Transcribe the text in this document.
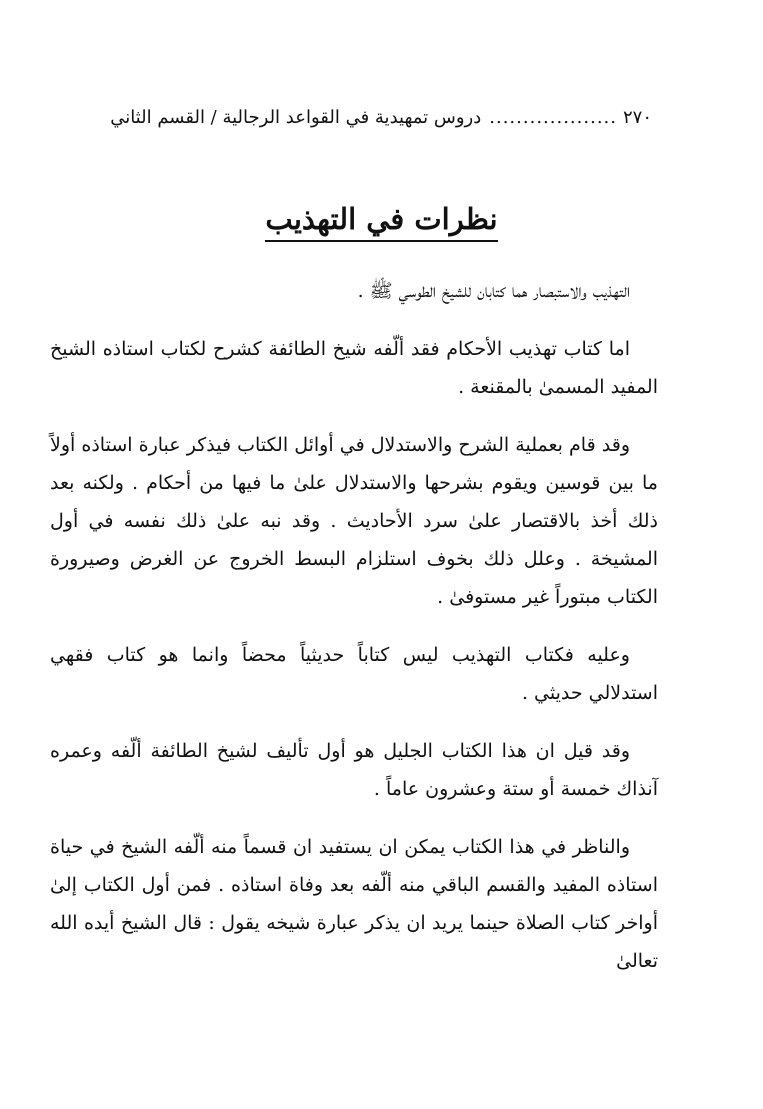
٢٧٠
...................
دروس تمهيدية في القواعد الرجالية / القسم الثاني
نظرات في التهذيب

التهذيب والاستبصار هما كتابان للشيخ الطوسي ﷺ .

اما كتاب تهذيب الأحكام فقد ألّفه شيخ الطائفة كشرح لكتاب استاذه الشيخ المفيد المسمىٰ بالمقنعة .

وقد قام بعملية الشرح والاستدلال في أوائل الكتاب فيذكر عبارة استاذه أولاً ما بين قوسين ويقوم بشرحها والاستدلال علىٰ ما فيها من أحكام . ولكنه بعد ذلك أخذ بالاقتصار علىٰ سرد الأحاديث . وقد نبه علىٰ ذلك نفسه في أول المشيخة . وعلل ذلك بخوف استلزام البسط الخروج عن الغرض وصيرورة الكتاب مبتوراً غير مستوفىٰ .

وعليه فكتاب التهذيب ليس كتاباً حديثياً محضاً وانما هو كتاب فقهي استدلالي حديثي .

وقد قيل ان هذا الكتاب الجليل هو أول تأليف لشيخ الطائفة ألّفه وعمره آنذاك خمسة أو ستة وعشرون عاماً .

والناظر في هذا الكتاب يمكن ان يستفيد ان قسماً منه ألّفه الشيخ في حياة استاذه المفيد والقسم الباقي منه ألّفه بعد وفاة استاذه . فمن أول الكتاب إلىٰ أواخر كتاب الصلاة حينما يريد ان يذكر عبارة شيخه يقول : قال الشيخ أيده الله تعالىٰ
